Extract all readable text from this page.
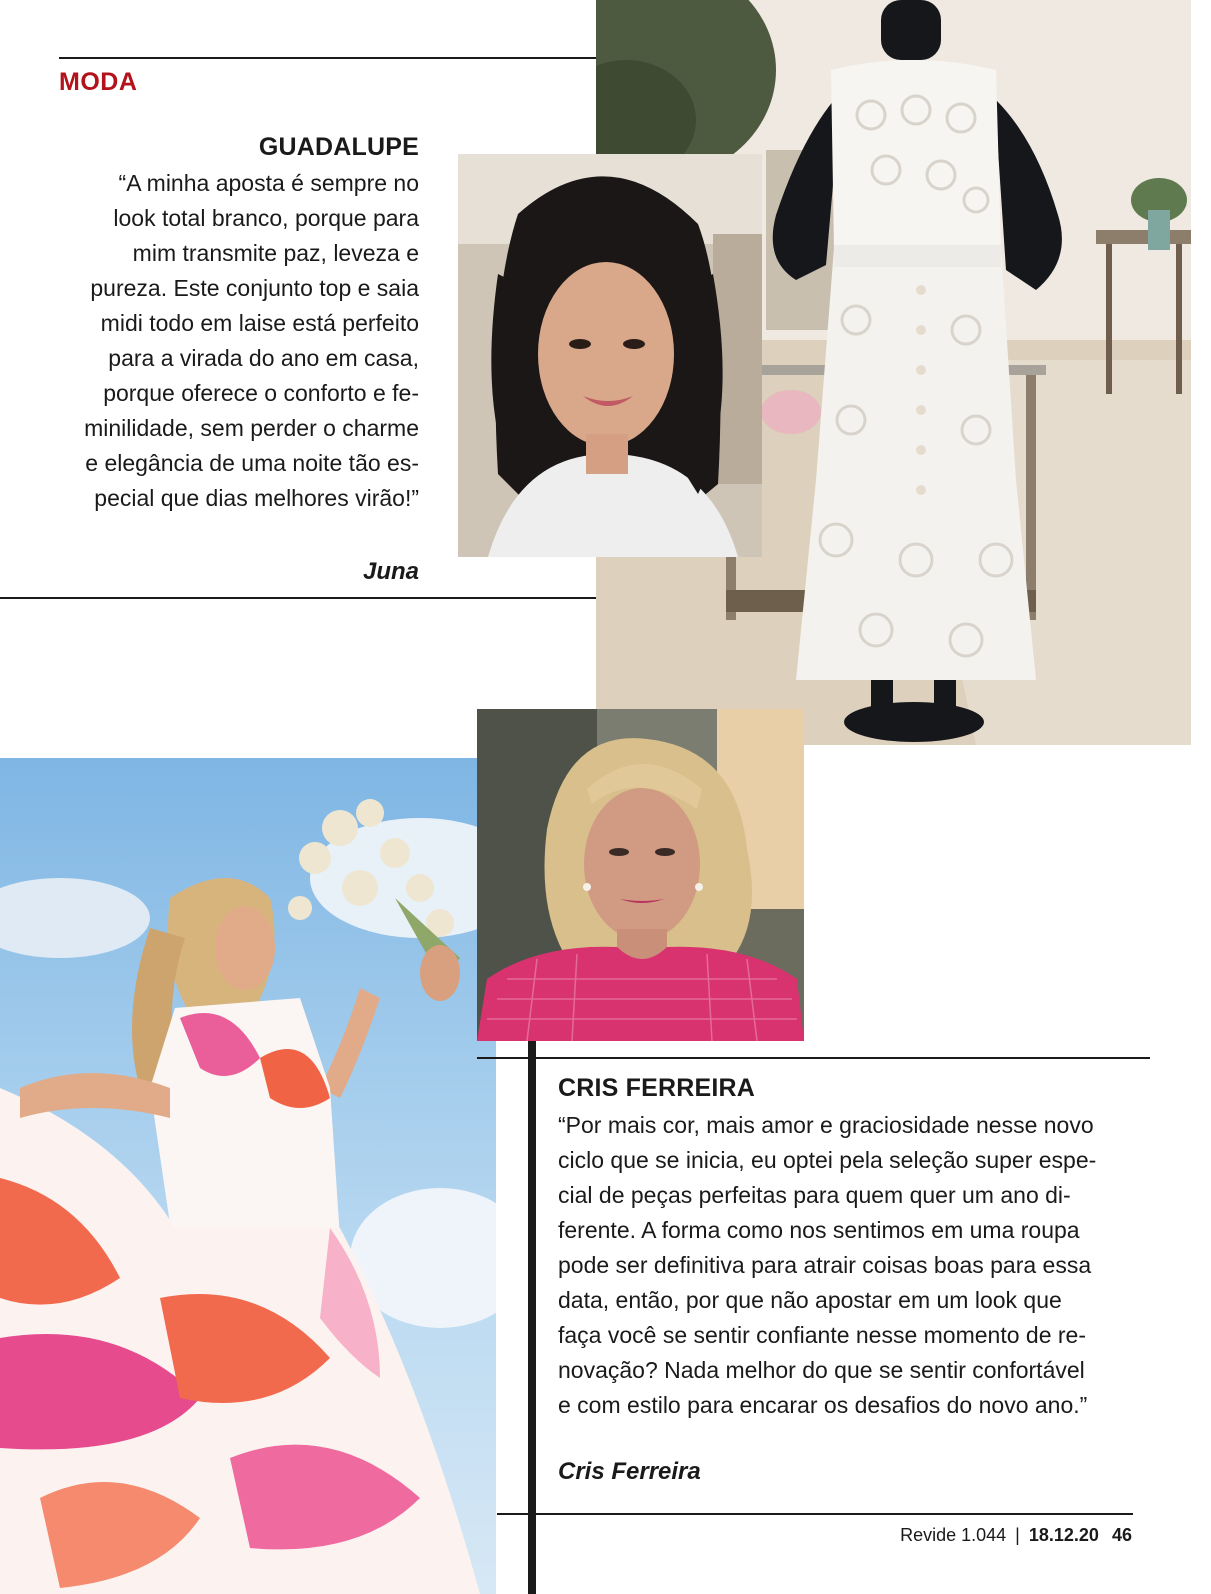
MODA
GUADALUPE
“A minha aposta é sempre no
look total branco, porque para
mim transmite paz, leveza e
pureza. Este conjunto top e saia
midi todo em laise está perfeito
para a virada do ano em casa,
porque oferece o conforto e fe-
minilidade, sem perder o charme
e elegância de uma noite tão es-
pecial que dias melhores virão!”
Juna
CRIS FERREIRA
“Por mais cor, mais amor e graciosidade nesse novo
ciclo que se inicia, eu optei pela seleção super espe-
cial de peças perfeitas para quem quer um ano di-
ferente. A forma como nos sentimos em uma roupa
pode ser definitiva para atrair coisas boas para essa
data, então, por que não apostar em um look que
faça você se sentir confiante nesse momento de re-
novação? Nada melhor do que se sentir confortável
e com estilo para encarar os desafios do novo ano.”
Cris Ferreira
Revide 1.044 | 18.12.20 46
